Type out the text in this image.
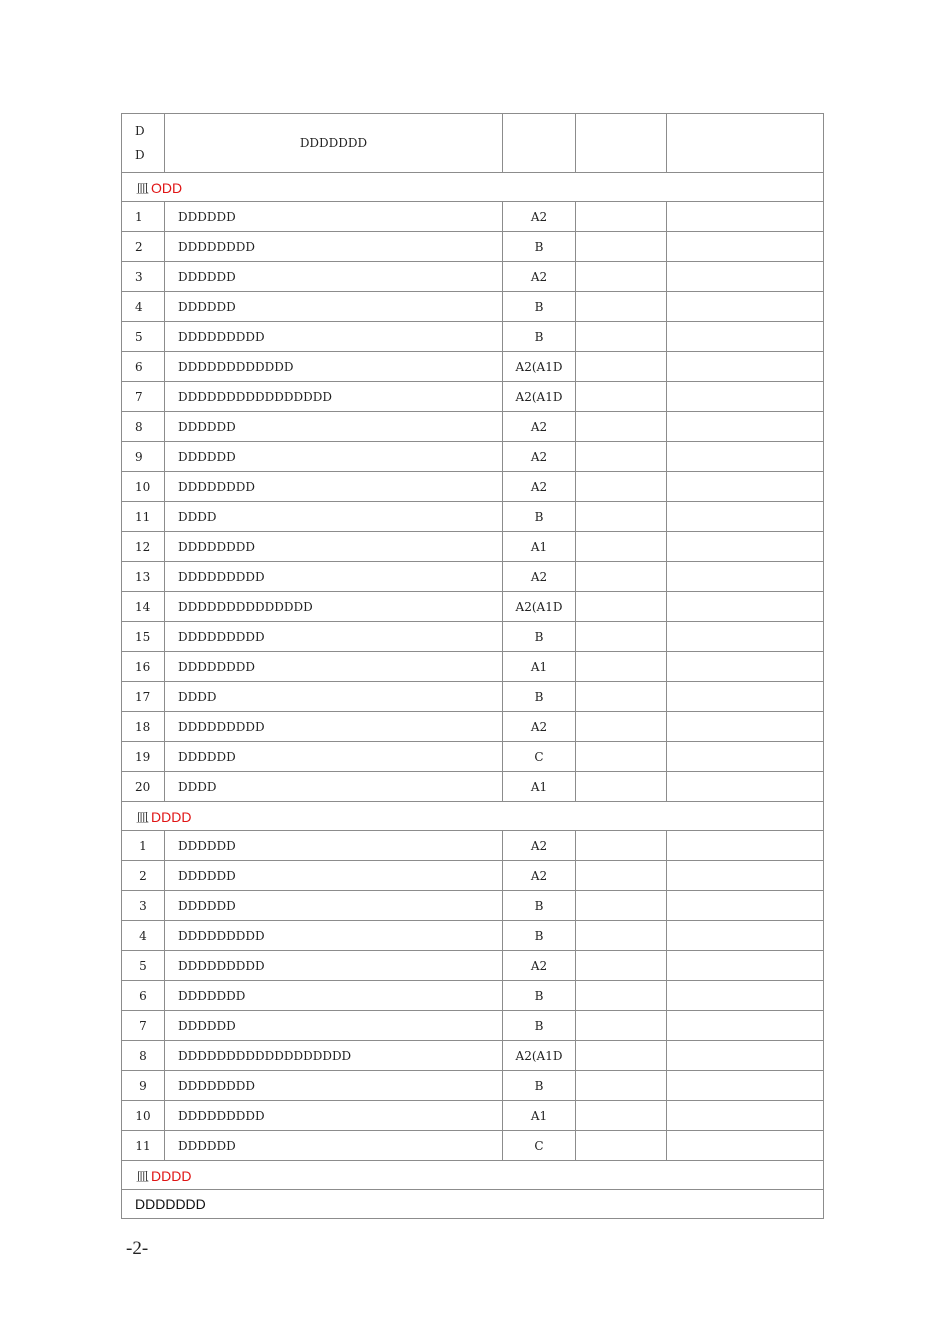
D
D	DDDDDDD			
皿 ODD				
1	DDDDDD	A2		
2	DDDDDDDD	B		
3	DDDDDD	A2		
4	DDDDDD	B		
5	DDDDDDDDD	B		
6	DDDDDDDDDDDD	A2(A1D		
7	DDDDDDDDDDDDDDDD	A2(A1D		
8	DDDDDD	A2		
9	DDDDDD	A2		
10	DDDDDDDD	A2		
11	DDDD	B		
12	DDDDDDDD	A1		
13	DDDDDDDDD	A2		
14	DDDDDDDDDDDDDD	A2(A1D		
15	DDDDDDDDD	B		
16	DDDDDDDD	A1		
17	DDDD	B		
18	DDDDDDDDD	A2		
19	DDDDDD	C		
20	DDDD	A1		
皿 DDDD				
1	DDDDDD	A2		
2	DDDDDD	A2		
3	DDDDDD	B		
4	DDDDDDDDD	B		
5	DDDDDDDDD	A2		
6	DDDDDDD	B		
7	DDDDDD	B		
8	DDDDDDDDDDDDDDDDDD	A2(A1D		
9	DDDDDDDD	B		
10	DDDDDDDDD	A1		
11	DDDDDD	C		
皿 DDDD				
DDDDDDD				
-2-
